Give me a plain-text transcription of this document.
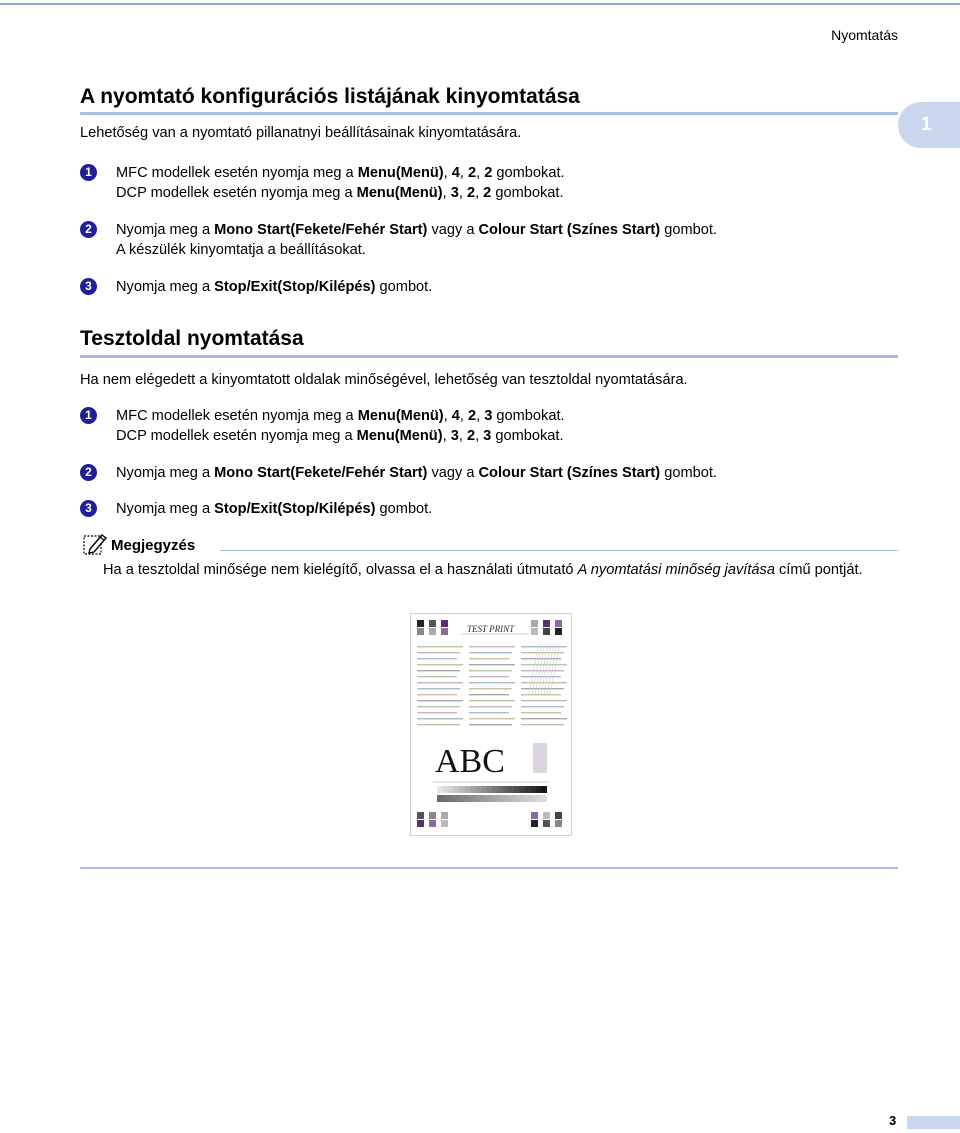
Nyomtatás
1
A nyomtató konfigurációs listájának kinyomtatása

Lehetőség van a nyomtató pillanatnyi beállításainak kinyomtatására.

1	MFC modellek esetén nyomja meg a Menu(Menü), 4, 2, 2 gombokat.
DCP modellek esetén nyomja meg a Menu(Menü), 3, 2, 2 gombokat.
2	Nyomja meg a Mono Start(Fekete/Fehér Start) vagy a Colour Start (Színes Start) gombot.
A készülék kinyomtatja a beállításokat.
3	Nyomja meg a Stop/Exit(Stop/Kilépés) gombot.
Tesztoldal nyomtatása

Ha nem elégedett a kinyomtatott oldalak minőségével, lehetőség van tesztoldal nyomtatására.

1	MFC modellek esetén nyomja meg a Menu(Menü), 4, 2, 3 gombokat.
DCP modellek esetén nyomja meg a Menu(Menü), 3, 2, 3 gombokat.
2	Nyomja meg a Mono Start(Fekete/Fehér Start) vagy a Colour Start (Színes Start) gombot.
3	Nyomja meg a Stop/Exit(Stop/Kilépés) gombot.
Megjegyzés
Ha a tesztoldal minősége nem kielégítő, olvassa el a használati útmutató A nyomtatási minőség javítása című pontját.
TEST PRINT
ABC
3
